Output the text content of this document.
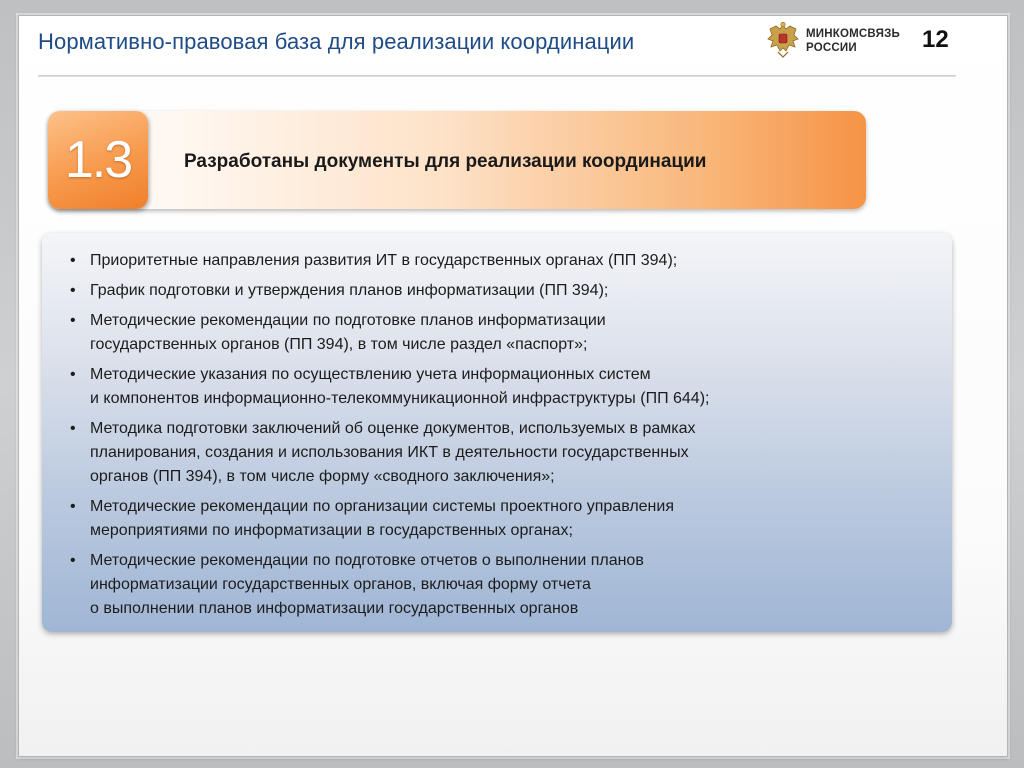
Нормативно-правовая база для реализации координации	МИНКОМСВЯЗЬ
РОССИИ	12
1.3	Разработаны документы для реализации координации
• Приоритетные направления развития ИТ в государственных органах (ПП 394);
• График подготовки и утверждения планов информатизации (ПП 394);
• Методические рекомендации по подготовке планов информатизации
государственных органов (ПП 394), в том числе раздел «паспорт»;
• Методические указания по осуществлению учета информационных систем
и компонентов информационно-телекоммуникационной инфраструктуры (ПП 644);
• Методика подготовки заключений об оценке документов, используемых в рамках
планирования, создания и использования ИКТ в деятельности государственных
органов (ПП 394), в том числе форму «сводного заключения»;
• Методические рекомендации по организации системы проектного управления
мероприятиями по информатизации в государственных органах;
• Методические рекомендации по подготовке отчетов о выполнении планов
информатизации государственных органов, включая форму отчета
о выполнении планов информатизации государственных органов
